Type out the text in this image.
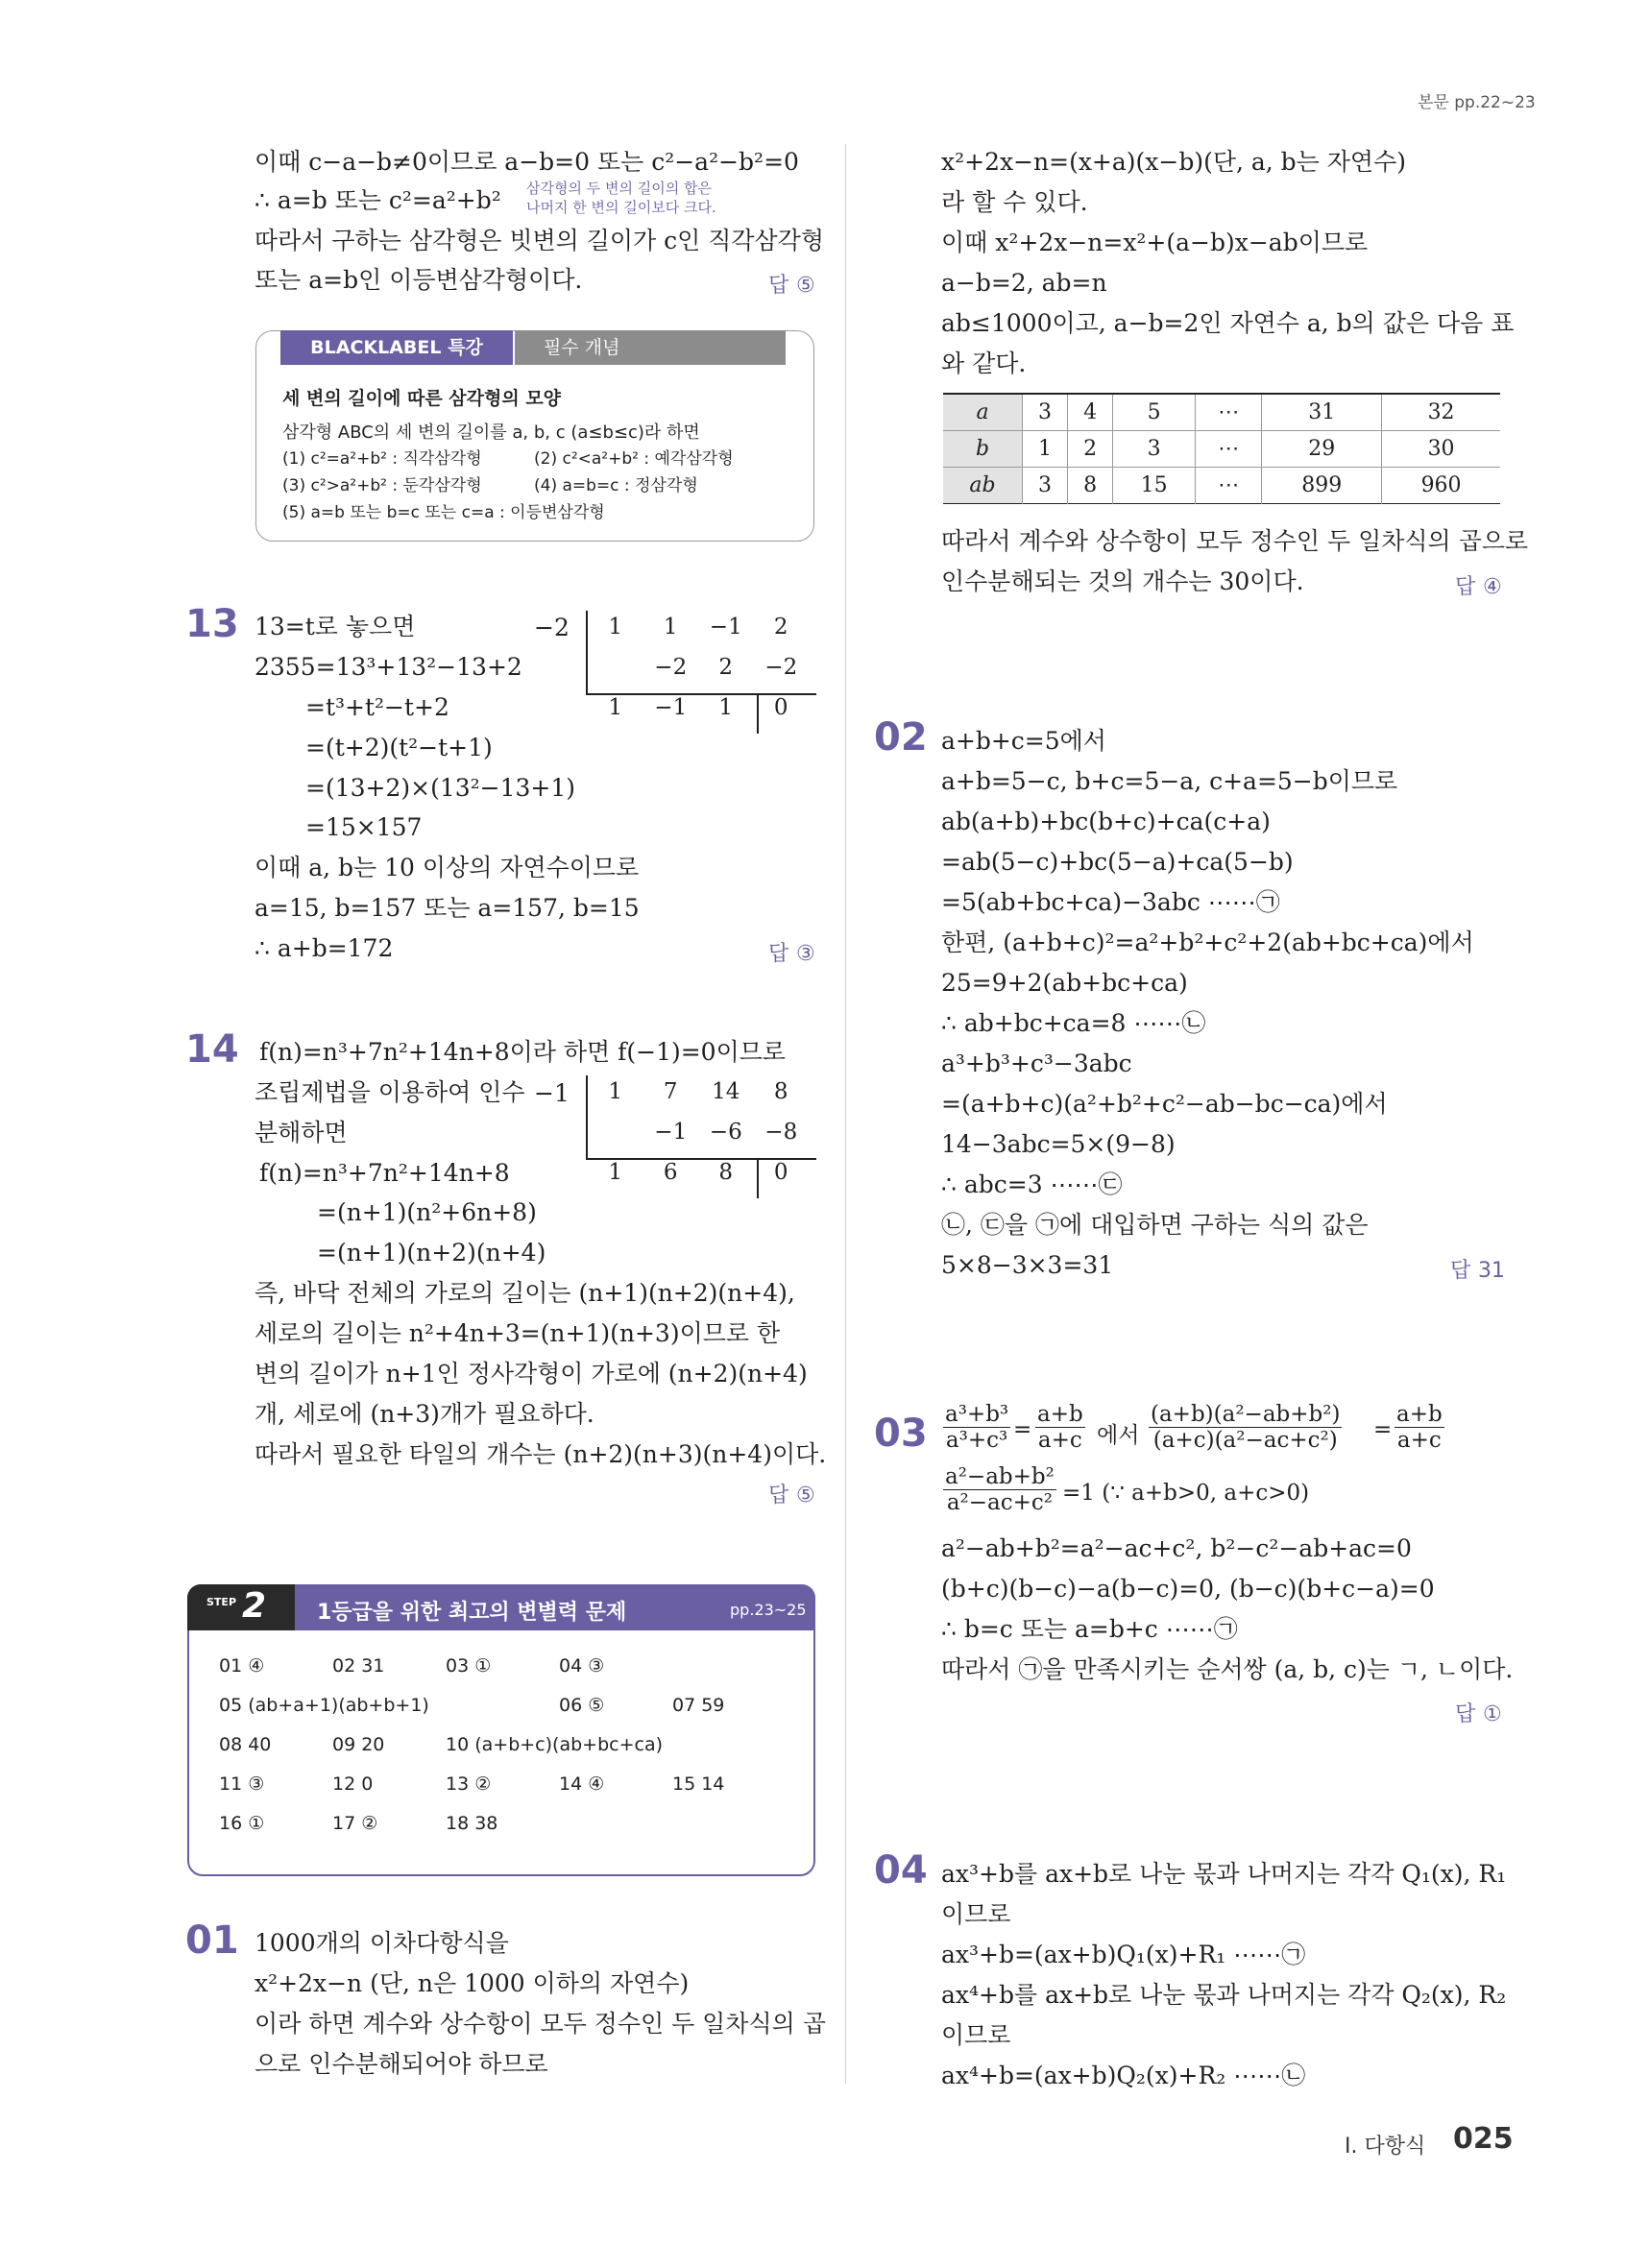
본문 pp.22~23
Ⅰ. 다항식 025
이때 c−a−b≠0이므로 a−b=0 또는 c²−a²−b²=0
∴ a=b 또는 c²=a²+b² 삼각형의 두 변의 길이의 합은
나머지 한 변의 길이보다 크다.
따라서 구하는 삼각형은 빗변의 길이가 c인 직각삼각형
또는 a=b인 이등변삼각형이다.	답 ⑤
BLACKLABEL 특강	필수 개념
세 변의 길이에 따른 삼각형의 모양
삼각형 ABC의 세 변의 길이를 a, b, c (a≤b≤c)라 하면
(1) c²=a²+b² : 직각삼각형	(2) c²<a²+b² : 예각삼각형
(3) c²>a²+b² : 둔각삼각형	(4) a=b=c : 정삼각형
(5) a=b 또는 b=c 또는 c=a : 이등변삼각형
13 13=t로 놓으면
2355=13³+13²−13+2
=t³+t²−t+2
=(t+2)(t²−t+1)
=(13+2)×(13²−13+1)
=15×157
이때 a, b는 10 이상의 자연수이므로
a=15, b=157 또는 a=157, b=15
∴ a+b=172	답 ③
−2 1	1	−1	2
	−2	2	−2
1	−1	1	0
14 f(n)=n³+7n²+14n+8이라 하면 f(−1)=0이므로
조립제법을 이용하여 인수
분해하면
f(n)=n³+7n²+14n+8
=(n+1)(n²+6n+8)
=(n+1)(n+2)(n+4)
즉, 바닥 전체의 가로의 길이는 (n+1)(n+2)(n+4),
세로의 길이는 n²+4n+3=(n+1)(n+3)이므로 한
변의 길이가 n+1인 정사각형이 가로에 (n+2)(n+4)
개, 세로에 (n+3)개가 필요하다.
따라서 필요한 타일의 개수는 (n+2)(n+3)(n+4)이다.
답 ⑤
−1 1	7	14	8
	−1	−6	−8
1	6	8	0
STEP 2 1등급을 위한 최고의 변별력 문제	pp.23~25
01 ④	02 31	03 ①	04 ③
05 (ab+a+1)(ab+b+1)	06 ⑤	07 59
08 40	09 20	10 (a+b+c)(ab+bc+ca)
11 ③	12 0	13 ②	14 ④	15 14
16 ①	17 ②	18 38
01 1000개의 이차다항식을
x²+2x−n (단, n은 1000 이하의 자연수)
이라 하면 계수와 상수항이 모두 정수인 두 일차식의 곱
으로 인수분해되어야 하므로
x²+2x−n=(x+a)(x−b)(단, a, b는 자연수)
라 할 수 있다.
이때 x²+2x−n=x²+(a−b)x−ab이므로
a−b=2, ab=n
ab≤1000이고, a−b=2인 자연수 a, b의 값은 다음 표
와 같다.
a	3	4	5	⋯	31	32
b	1	2	3	⋯	29	30
ab	3	8	15	⋯	899	960
따라서 계수와 상수항이 모두 정수인 두 일차식의 곱으로
인수분해되는 것의 개수는 30이다.	답 ④
02 a+b+c=5에서
a+b=5−c, b+c=5−a, c+a=5−b이므로
ab(a+b)+bc(b+c)+ca(c+a)
=ab(5−c)+bc(5−a)+ca(5−b)
=5(ab+bc+ca)−3abc ⋯⋯㉠
한편, (a+b+c)²=a²+b²+c²+2(ab+bc+ca)에서
25=9+2(ab+bc+ca)
∴ ab+bc+ca=8 ⋯⋯㉡
a³+b³+c³−3abc
=(a+b+c)(a²+b²+c²−ab−bc−ca)에서
14−3abc=5×(9−8)
∴ abc=3 ⋯⋯㉢
㉡, ㉢을 ㉠에 대입하면 구하는 식의 값은
5×8−3×3=31	답 31
$03 \frac{\text{a³+b³}}{\text{a³+c³}} = \frac{a+b}{a+c}$ 에서 $\frac{\text{(a+b)(a²−ab+b²)}}{\text{(a+c)(a²−ac+c²)}} = \frac{a+b}{a+c}$
$\frac{\text{a²−ab+b²}}{\text{a²−ac+c²}} =1$ (∵ a+b>0, a+c>0)
a²−ab+b²=a²−ac+c², b²−c²−ab+ac=0
(b+c)(b−c)−a(b−c)=0, (b−c)(b+c−a)=0
∴ b=c 또는 a=b+c ⋯⋯㉠
따라서 ㉠을 만족시키는 순서쌍 (a, b, c)는 ㄱ, ㄴ이다.
답 ①
04 ax³+b를 ax+b로 나눈 몫과 나머지는 각각 Q₁(x), R₁
이므로
ax³+b=(ax+b)Q₁(x)+R₁ ⋯⋯㉠
ax⁴+b를 ax+b로 나눈 몫과 나머지는 각각 Q₂(x), R₂
이므로
ax⁴+b=(ax+b)Q₂(x)+R₂ ⋯⋯㉡
